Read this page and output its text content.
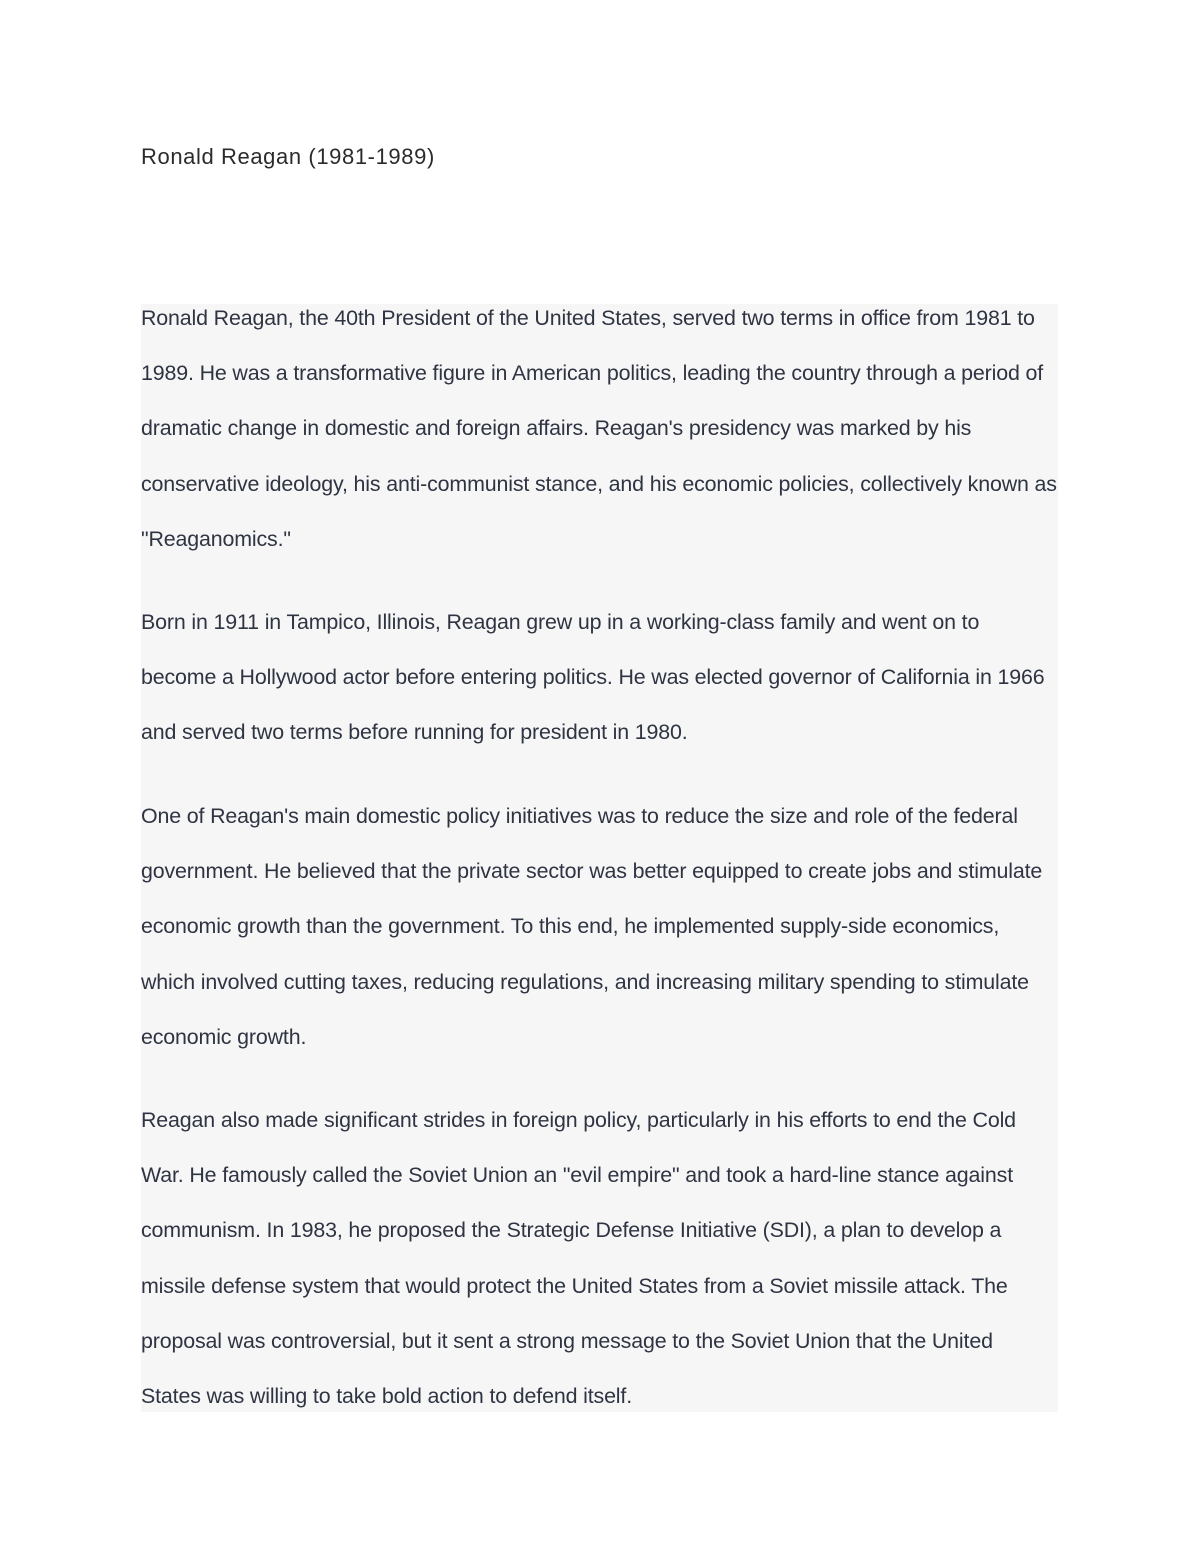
Ronald Reagan (1981-1989)

Ronald Reagan, the 40th President of the United States, served two terms in office from 1981 to 1989. He was a transformative figure in American politics, leading the country through a period of dramatic change in domestic and foreign affairs. Reagan's presidency was marked by his conservative ideology, his anti-communist stance, and his economic policies, collectively known as "Reaganomics."

Born in 1911 in Tampico, Illinois, Reagan grew up in a working-class family and went on to become a Hollywood actor before entering politics. He was elected governor of California in 1966 and served two terms before running for president in 1980.

One of Reagan's main domestic policy initiatives was to reduce the size and role of the federal government. He believed that the private sector was better equipped to create jobs and stimulate economic growth than the government. To this end, he implemented supply-side economics, which involved cutting taxes, reducing regulations, and increasing military spending to stimulate economic growth.

Reagan also made significant strides in foreign policy, particularly in his efforts to end the Cold War. He famously called the Soviet Union an "evil empire" and took a hard-line stance against communism. In 1983, he proposed the Strategic Defense Initiative (SDI), a plan to develop a missile defense system that would protect the United States from a Soviet missile attack. The proposal was controversial, but it sent a strong message to the Soviet Union that the United States was willing to take bold action to defend itself.
